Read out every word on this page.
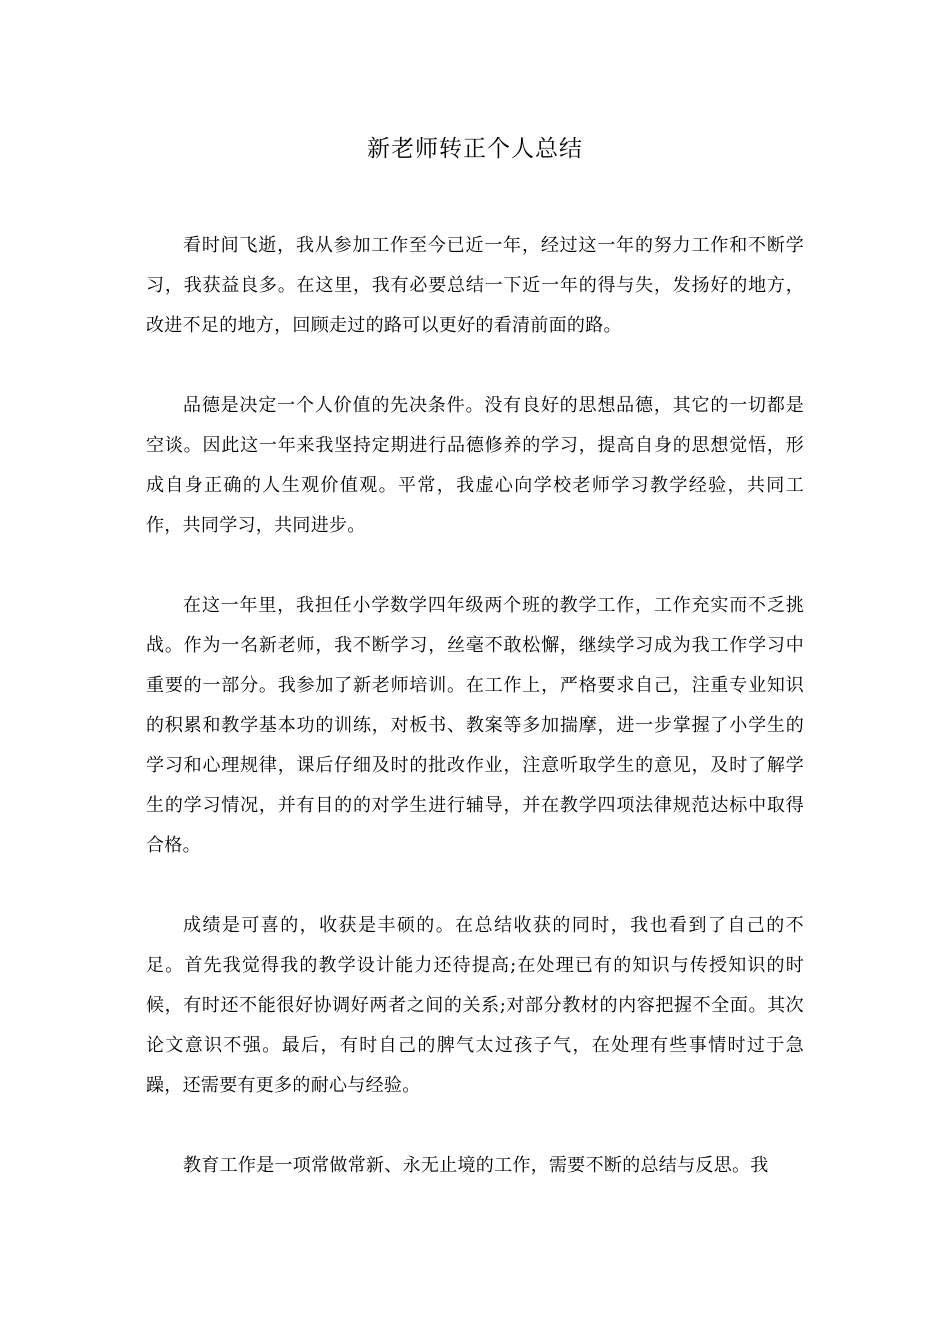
新老师转正个人总结

看时间飞逝，我从参加工作至今已近一年，经过这一年的努力工作和不断学习，我获益良多。在这里，我有必要总结一下近一年的得与失，发扬好的地方，改进不足的地方，回顾走过的路可以更好的看清前面的路。

品德是决定一个人价值的先决条件。没有良好的思想品德，其它的一切都是空谈。因此这一年来我坚持定期进行品德修养的学习，提高自身的思想觉悟，形成自身正确的人生观价值观。平常，我虚心向学校老师学习教学经验，共同工作，共同学习，共同进步。

在这一年里，我担任小学数学四年级两个班的教学工作，工作充实而不乏挑战。作为一名新老师，我不断学习，丝毫不敢松懈，继续学习成为我工作学习中重要的一部分。我参加了新老师培训。在工作上，严格要求自己，注重专业知识的积累和教学基本功的训练，对板书、教案等多加揣摩，进一步掌握了小学生的学习和心理规律，课后仔细及时的批改作业，注意听取学生的意见，及时了解学生的学习情况，并有目的的对学生进行辅导，并在教学四项法律规范达标中取得合格。

成绩是可喜的，收获是丰硕的。在总结收获的同时，我也看到了自己的不足。首先我觉得我的教学设计能力还待提高;在处理已有的知识与传授知识的时候，有时还不能很好协调好两者之间的关系;对部分教材的内容把握不全面。其次论文意识不强。最后，有时自己的脾气太过孩子气，在处理有些事情时过于急躁，还需要有更多的耐心与经验。

教育工作是一项常做常新、永无止境的工作，需要不断的总结与反思。我
